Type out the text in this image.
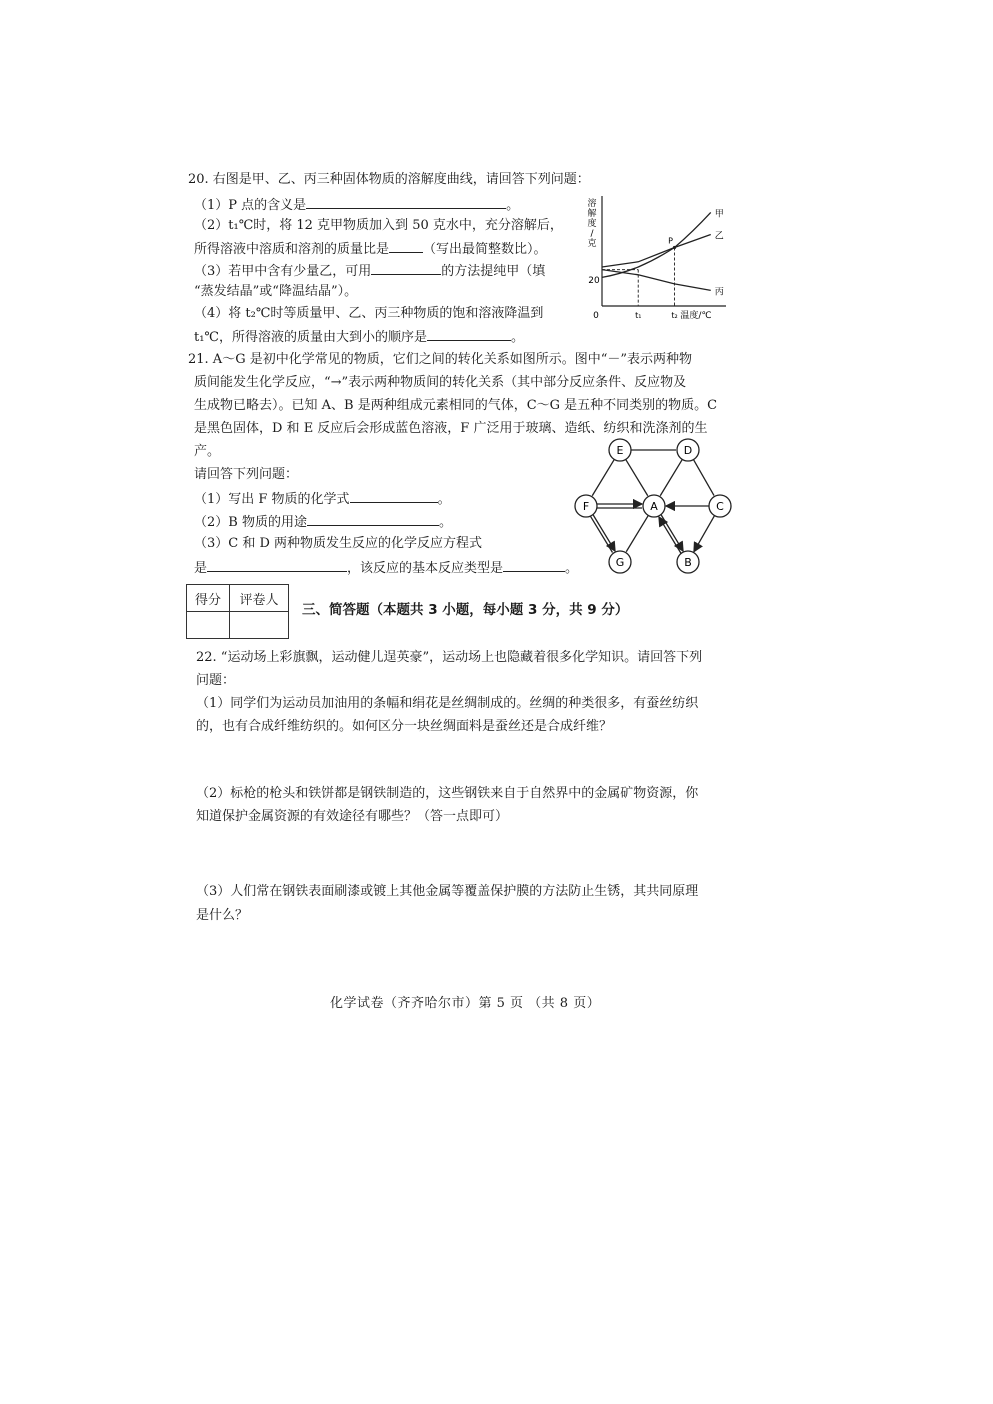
20. 右图是甲、乙、丙三种固体物质的溶解度曲线，请回答下列问题：
（1）P 点的含义是	。
（2）t₁℃时，将 12 克甲物质加入到 50 克水中，充分溶解后，
所得溶液中溶质和溶剂的质量比是	（写出最简整数比）。
（3）若甲中含有少量乙，可用	的方法提纯甲（填
“蒸发结晶”或“降温结晶”）。
（4）将 t₂℃时等质量甲、乙、丙三种物质的饱和溶液降温到
t₁℃，所得溶液的质量由大到小的顺序是	。
溶
解
度
/
克
0	温度/℃
20
t₁	t₂
甲
乙
丙
P
21. A～G 是初中化学常见的物质，它们之间的转化关系如图所示。图中“－”表示两种物
质间能发生化学反应，“→”表示两种物质间的转化关系（其中部分反应条件、反应物及
生成物已略去）。已知 A、B 是两种组成元素相同的气体，C～G 是五种不同类别的物质。C
是黑色固体，D 和 E 反应后会形成蓝色溶液，F 广泛用于玻璃、造纸、纺织和洗涤剂的生
产。
请回答下列问题：
（1）写出 F 物质的化学式	。
（2）B 物质的用途	。
（3）C 和 D 两种物质发生反应的化学反应方程式
是	，该反应的基本反应类型是	。
E	D
F	A	C
G	B
得分	评卷人

三、简答题（本题共 3 小题，每小题 3 分，共 9 分）
22. “运动场上彩旗飘，运动健儿逞英豪”，运动场上也隐藏着很多化学知识。请回答下列
问题：
（1）同学们为运动员加油用的条幅和绢花是丝绸制成的。丝绸的种类很多，有蚕丝纺织
的，也有合成纤维纺织的。如何区分一块丝绸面料是蚕丝还是合成纤维？
（2）标枪的枪头和铁饼都是钢铁制造的，这些钢铁来自于自然界中的金属矿物资源，你
知道保护金属资源的有效途径有哪些？（答一点即可）
（3）人们常在钢铁表面刷漆或镀上其他金属等覆盖保护膜的方法防止生锈，其共同原理
是什么？
化学试卷（齐齐哈尔市）第 5 页 （共 8 页）
